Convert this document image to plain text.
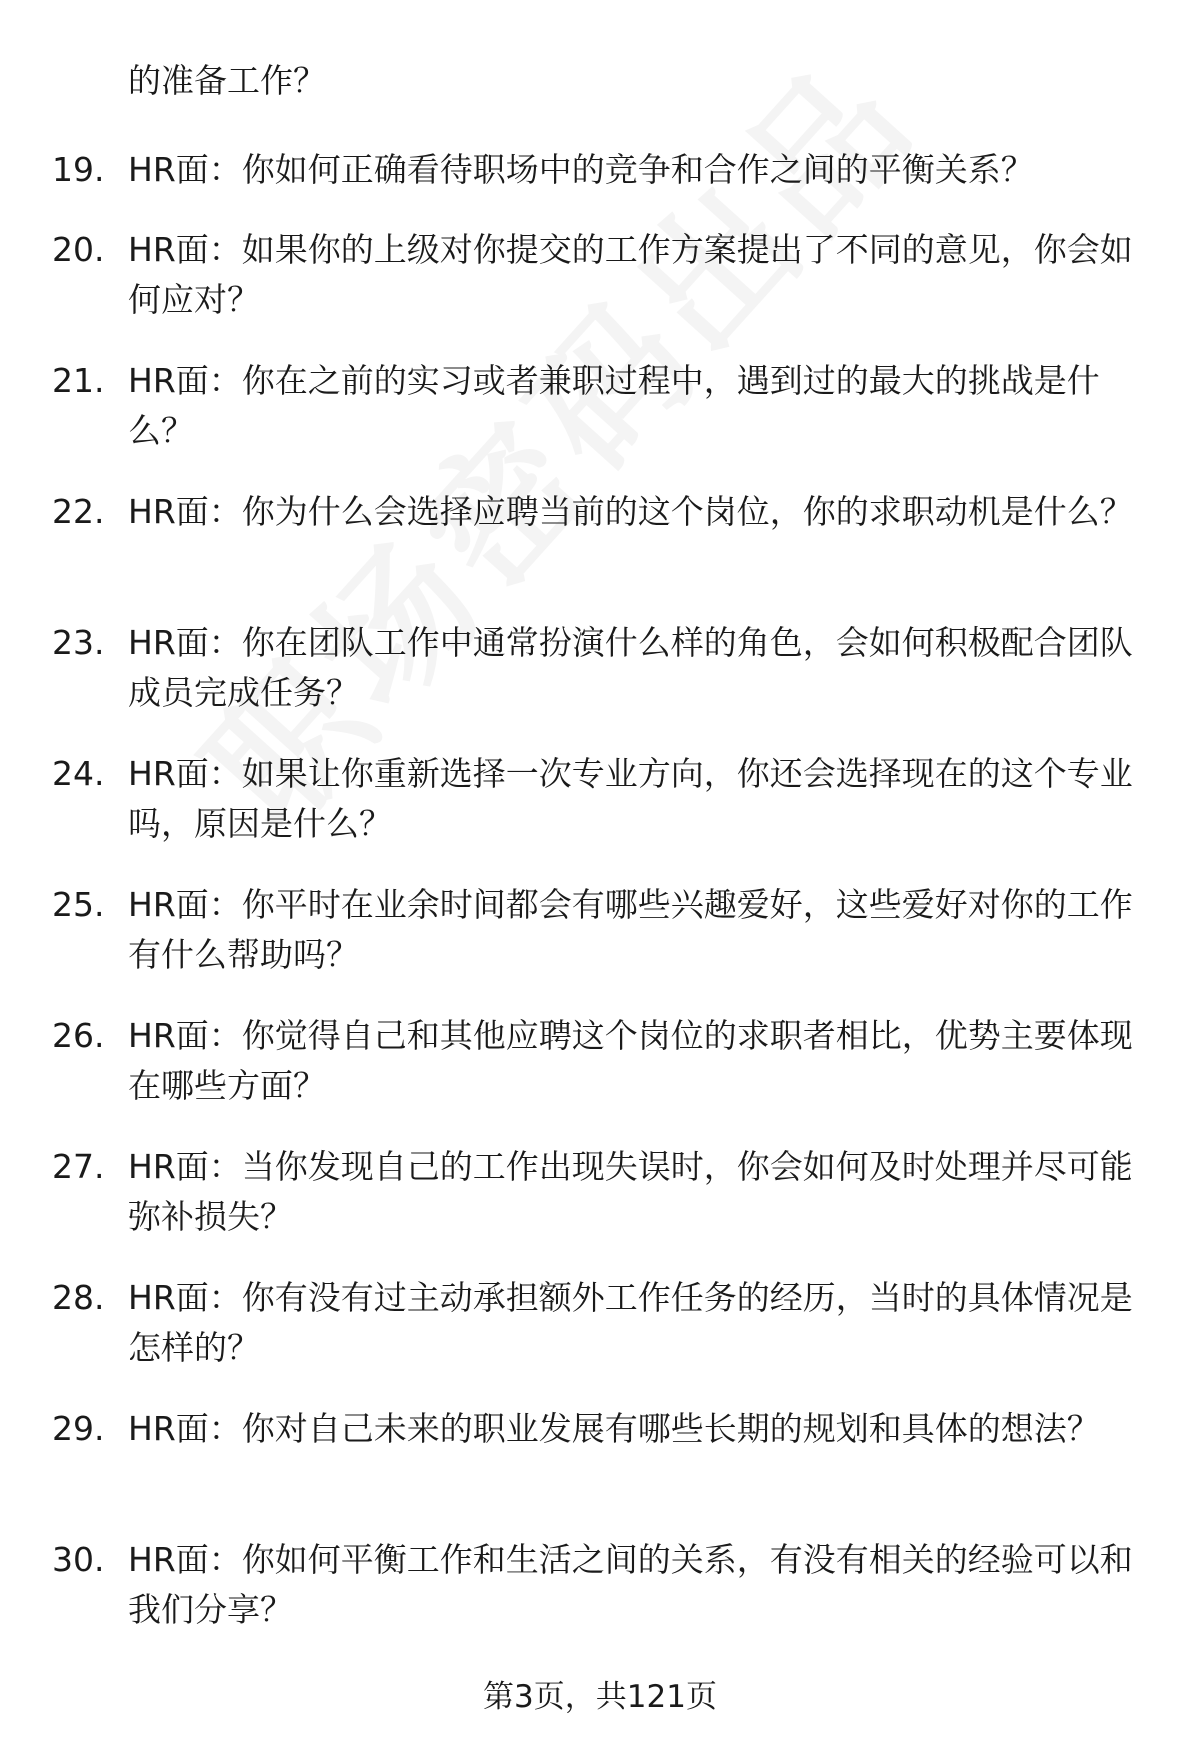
的准备工作？
19. HR面：你如何正确看待职场中的竞争和合作之间的平衡关系？
20. HR面：如果你的上级对你提交的工作方案提出了不同的意见，你会如何应对？
21. HR面：你在之前的实习或者兼职过程中，遇到过的最大的挑战是什么？
22. HR面：你为什么会选择应聘当前的这个岗位，你的求职动机是什么？
23. HR面：你在团队工作中通常扮演什么样的角色，会如何积极配合团队成员完成任务？
24. HR面：如果让你重新选择一次专业方向，你还会选择现在的这个专业吗，原因是什么？
25. HR面：你平时在业余时间都会有哪些兴趣爱好，这些爱好对你的工作有什么帮助吗？
26. HR面：你觉得自己和其他应聘这个岗位的求职者相比，优势主要体现在哪些方面？
27. HR面：当你发现自己的工作出现失误时，你会如何及时处理并尽可能弥补损失？
28. HR面：你有没有过主动承担额外工作任务的经历，当时的具体情况是怎样的？
29. HR面：你对自己未来的职业发展有哪些长期的规划和具体的想法？
30. HR面：你如何平衡工作和生活之间的关系，有没有相关的经验可以和我们分享？
第3页，共121页
